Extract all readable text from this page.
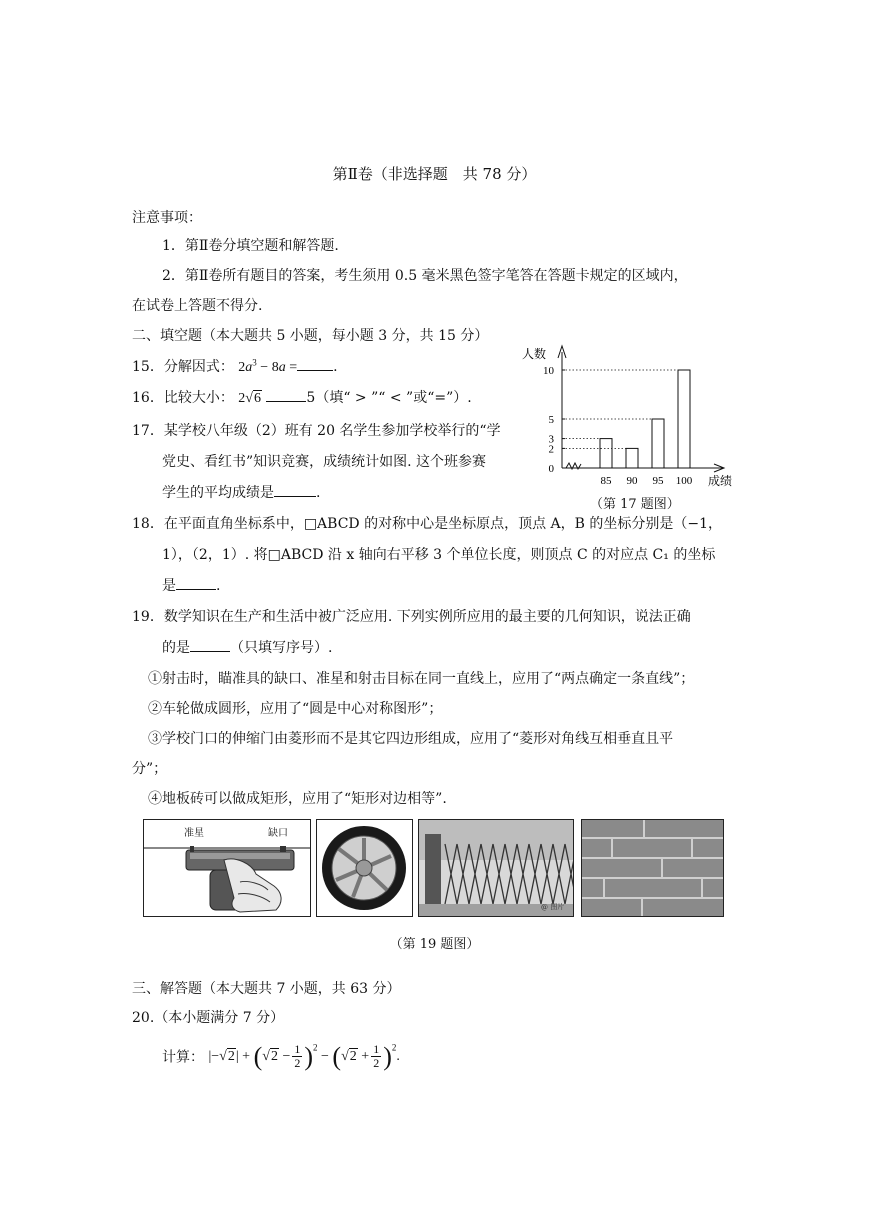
第Ⅱ卷（非选择题　共 78 分）
注意事项：
1．第Ⅱ卷分填空题和解答题.
2．第Ⅱ卷所有题目的答案，考生须用 0.5 毫米黑色签字笔答在答题卡规定的区域内，
在试卷上答题不得分.
二、填空题（本大题共 5 小题，每小题 3 分，共 15 分）
15．分解因式： $2a^3 - 8a$ =	.
16．比较大小： 2√6	5（填“ > ”“ < ”或“=”）.
17．某学校八年级（2）班有 20 名学生参加学校举行的“学
党史、看红书”知识竞赛，成绩统计如图. 这个班参赛
学生的平均成绩是	.
人数
成绩
0
2
3
5
10
85 90 95 100
（第 17 题图）
18．在平面直角坐标系中，□ABCD 的对称中心是坐标原点，顶点 A，B 的坐标分别是（−1，
1），（2，1）. 将□ABCD 沿 x 轴向右平移 3 个单位长度，则顶点 C 的对应点 C₁ 的坐标
是	.
19．数学知识在生产和生活中被广泛应用. 下列实例所应用的最主要的几何知识，说法正确
的是	（只填写序号）.
①射击时，瞄准具的缺口、准星和射击目标在同一直线上，应用了“两点确定一条直线”；
②车轮做成圆形，应用了“圆是中心对称图形”；
③学校门口的伸缩门由菱形而不是其它四边形组成，应用了“菱形对角线互相垂直且平
分”；
④地板砖可以做成矩形，应用了“矩形对边相等”.
准星	缺口
@ 图片
（第 19 题图）
三、解答题（本大题共 7 小题，共 63 分）
20.（本小题满分 7 分）
计算： $|-√2| + (√2 - \frac{1}{2} )^2 - (√2 + \frac{1}{2} )^2$.
